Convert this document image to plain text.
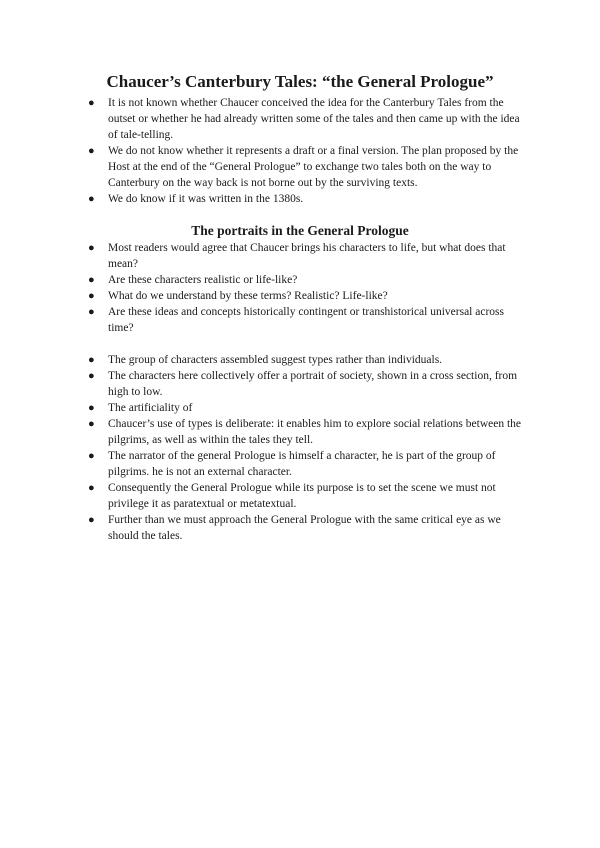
Chaucer’s Canterbury Tales: “the General Prologue”
● It is not known whether Chaucer conceived the idea for the Canterbury Tales from the outset or whether he had already written some of the tales and then came up with the idea of tale-telling.
● We do not know whether it represents a draft or a final version. The plan proposed by the Host at the end of the “General Prologue” to exchange two tales both on the way to Canterbury on the way back is not borne out by the surviving texts.
● We do know if it was written in the 1380s.
The portraits in the General Prologue
● Most readers would agree that Chaucer brings his characters to life, but what does that mean?
● Are these characters realistic or life-like?
● What do we understand by these terms? Realistic? Life-like?
● Are these ideas and concepts historically contingent or transhistorical universal across time?
● The group of characters assembled suggest types rather than individuals.
● The characters here collectively offer a portrait of society, shown in a cross section, from high to low.
● The artificiality of
● Chaucer’s use of types is deliberate: it enables him to explore social relations between the pilgrims, as well as within the tales they tell.
● The narrator of the general Prologue is himself a character, he is part of the group of pilgrims. he is not an external character.
● Consequently the General Prologue while its purpose is to set the scene we must not privilege it as paratextual or metatextual.
● Further than we must approach the General Prologue with the same critical eye as we should the tales.
